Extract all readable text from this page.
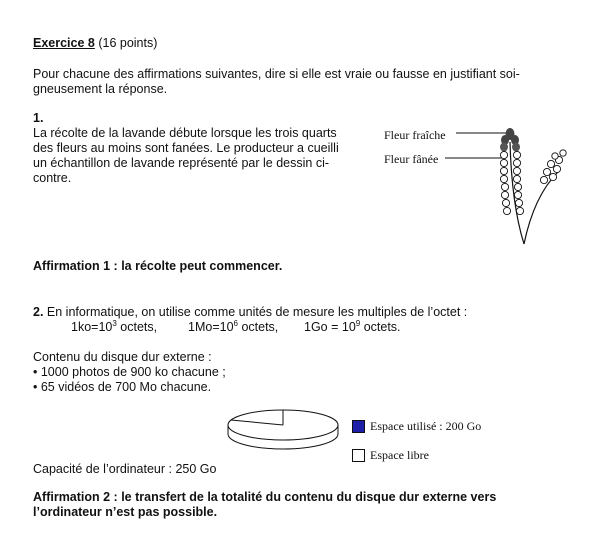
Exercice 8 (16 points)
Pour chacune des affirmations suivantes, dire si elle est vraie ou fausse en justifiant soi-
gneusement la réponse.
1.
La récolte de la lavande débute lorsque les trois quarts
des fleurs au moins sont fanées. Le producteur a cueilli
un échantillon de lavande représenté par le dessin ci-
contre.
Fleur fraîche
Fleur fânée
Affirmation 1 : la récolte peut commencer.
2. En informatique, on utilise comme unités de mesure les multiples de l’octet :
$1ko=10^3$ octets, $1Mo=10^6$ octets, $1Go = 10^9$ octets.
Contenu du disque dur externe :
• 1000 photos de 900 ko chacune ;
• 65 vidéos de 700 Mo chacune.
Espace utilisé : 200 Go
Espace libre
Capacité de l’ordinateur : 250 Go
Affirmation 2 : le transfert de la totalité du contenu du disque dur externe vers
l’ordinateur n’est pas possible.
